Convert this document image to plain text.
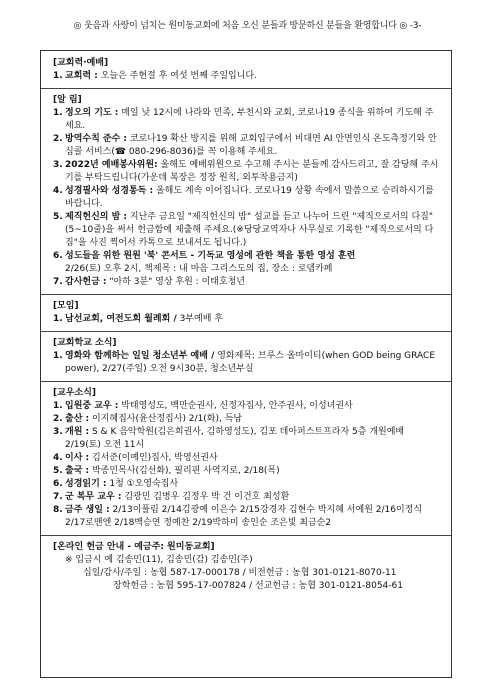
◎ 웃음과 사랑이 넘치는 원미동교회에 처음 오신 분들과 방문하신 분들을 환영합니다 ◎ -3-
[교회력·예배]
1. 교회력 : 오늘은 주현절 후 여섯 번째 주일입니다.
[알 림]
1. 정오의 기도 : 매일 낮 12시에 나라와 민족, 부천시와 교회, 코로나19 종식을 위하여 기도해 주세요.
2. 방역수칙 준수 : 코로나19 확산 방지를 위해 교회입구에서 비대면 AI 안면인식 온도측정기와 안심콜 서비스(☎ 080-296-8036)를 꼭 이용해 주세요.
3. 2022년 예배봉사위원: 올해도 예배위원으로 수고해 주시는 분들께 감사드리고, 잘 감당해 주시기를 부탁드립니다(가운데 복장은 정장 원칙, 외투착용금지)
4. 성경필사와 성경통독 : 올해도 계속 이어집니다. 코로나19 상황 속에서 말씀으로 승리하시기를 바랍니다.
5. 제직헌신의 밤 : 지난주 금요일 "제직헌신의 밤" 설교를 듣고 나누어 드린 "제직으로서의 다짐"(5~10줄)을 써서 헌금함에 제출해 주세요.(※당당교역자나 사무실로 기록한 "제직으로서의 다짐"을 사진 찍어서 카톡으로 보내셔도 됩니다.)
6. 성도들을 위한 원원 '북' 콘서트 - 기독교 영성에 관한 책을 통한 영성 훈련
2/26(토) 오후 2시, 책제목 : 내 마음 그리스도의 집, 장소 : 로뎀카페
7. 감사헌금 : "아하 3분" 영상 후원 : 이태호청년
[모임]
1. 남선교회, 여전도회 월례회 / 3부예배 후
[교회학교 소식]
1. 영화와 함께하는 일일 청소년부 예배 / 영화제목: 브루스 올마이티(when GOD being GRACE power), 2/27(주일) 오전 9시30분, 청소년부실
[교우소식]
1. 입원중 교우 : 박태영성도, 백만순권사, 신정자집사, 안주권사, 이성녀권사
2. 출산 : 이지혜집사(윤산정집사) 2/1(화), 득남
3. 개원 : S & K 음악학원(김은희권사, 김하영성도), 김포 데아퍼스트프라자 5층 개원예배 2/19(토) 오전 11시
4. 이사 : 김서준(이예인)집사, 박영선권사
5. 출국 : 박종민목사(김선화), 필리핀 사역지로, 2/18(목)
6. 성경읽기 : 1청 ①오영숙집사
7. 군 복무 교우 : 김광민 김병우 김정우 박 건 이건호 최성환
8. 금주 생일 : 2/13이풀림 2/14김광예 이은수 2/15강경자 김현수 박지혜 서예원 2/16이정식 2/17로맨엔 2/18백승연 정예찬 2/19박하미 송인순 조은빛 최금순2
[온라인 헌금 안내 - 예금주: 원미동교회]
※ 입금시 예 김송민(11), 김송민(감) 김송민(주)
십일/감사/주일 : 농협 587-17-000178 / 비전헌금 : 농협 301-0121-8070-11
장학헌금 : 농협 595-17-007824 / 선교헌금 : 농협 301-0121-8054-61
